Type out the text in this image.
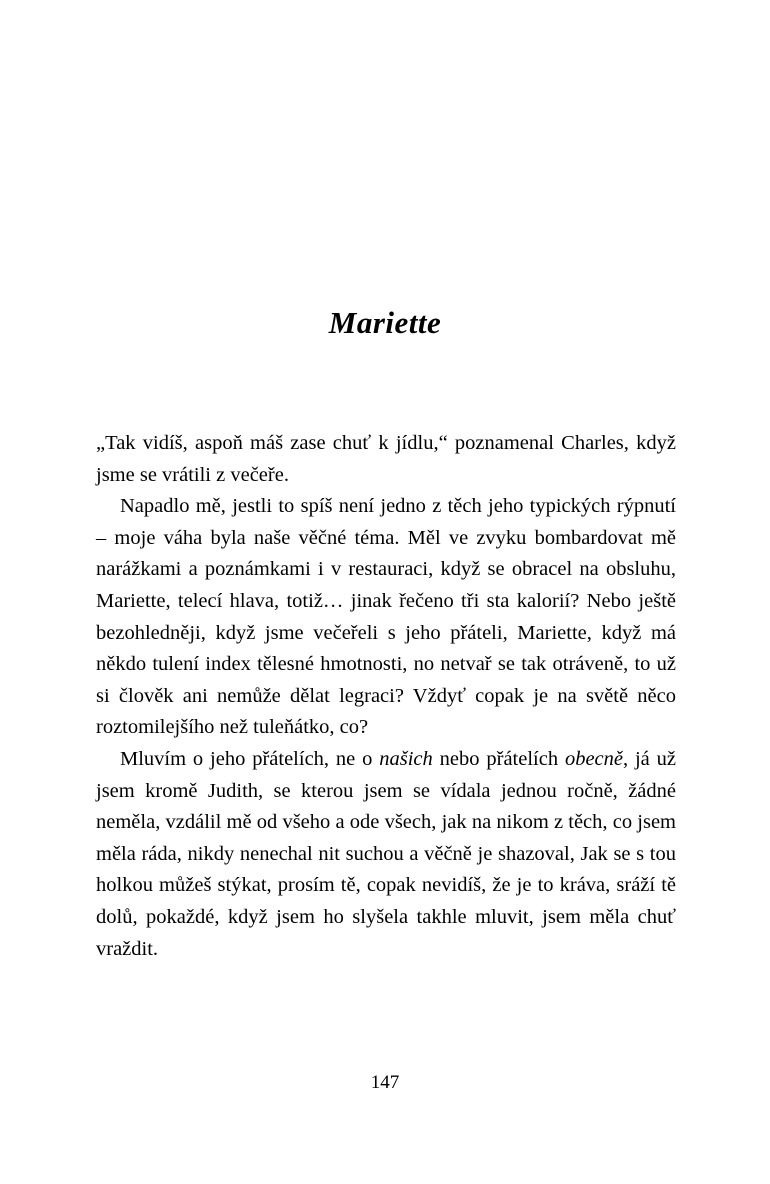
Mariette

„Tak vidíš, aspoň máš zase chuť k jídlu,“ poznamenal Charles, když jsme se vrátili z večeře.

Napadlo mě, jestli to spíš není jedno z těch jeho typických rýpnutí – moje váha byla naše věčné téma. Měl ve zvyku bombardovat mě narážkami a poznámkami i v restauraci, když se obracel na obsluhu, Mariette, telecí hlava, totiž… jinak řečeno tři sta kalorií? Nebo ještě bezohledněji, když jsme večeřeli s jeho přáteli, Mariette, když má někdo tulení index tělesné hmotnosti, no netvař se tak otráveně, to už si člověk ani nemůže dělat legraci? Vždyť copak je na světě něco roztomilejšího než tuleňátko, co?

Mluvím o jeho přátelích, ne o našich nebo přátelích obecně, já už jsem kromě Judith, se kterou jsem se vídala jednou ročně, žádné neměla, vzdálil mě od všeho a ode všech, jak na nikom z těch, co jsem měla ráda, nikdy nenechal nit suchou a věčně je shazoval, Jak se s tou holkou můžeš stýkat, prosím tě, copak nevidíš, že je to kráva, sráží tě dolů, pokaždé, když jsem ho slyšela takhle mluvit, jsem měla chuť vraždit.

147
